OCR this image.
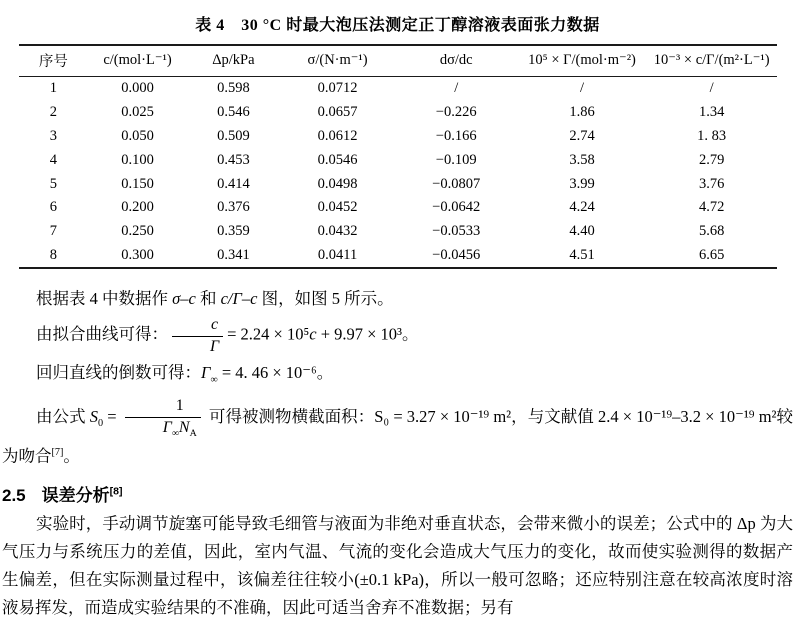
表 4　30 °C 时最大泡压法测定正丁醇溶液表面张力数据
序号	c/(mol·L⁻¹)	Δp/kPa	σ/(N·m⁻¹)	dσ/dc	10⁵ × Γ/(mol·m⁻²)	10⁻³ × c/Γ/(m²·L⁻¹)
1	0.000	0.598	0.0712	/	/	/
2	0.025	0.546	0.0657	−0.226	1.86	1.34
3	0.050	0.509	0.0612	−0.166	2.74	1. 83
4	0.100	0.453	0.0546	−0.109	3.58	2.79
5	0.150	0.414	0.0498	−0.0807	3.99	3.76
6	0.200	0.376	0.0452	−0.0642	4.24	4.72
7	0.250	0.359	0.0432	−0.0533	4.40	5.68
8	0.300	0.341	0.0411	−0.0456	4.51	6.65

根据表 4 中数据作 σ–c 和 c/Γ–c 图，如图 5 所示。

由拟合曲线可得： $\frac{c}{\Gamma} = 2.24 \times 10^5c + 9.97 \times 10^3$。

回归直线的倒数可得：$\Gamma_\infty = 4$. 46 × 10⁻⁶。

由公式 $S_0 = \frac{1}{\Gamma_\infty N_A}$ 可得被测物横截面积：S₀ = 3.27 × 10⁻¹⁹ m²，与文献值 2.4 × 10⁻¹⁹–3.2 × 10⁻¹⁹ m²较为吻合[7]。

2.5 误差分析[8]

实验时，手动调节旋塞可能导致毛细管与液面为非绝对垂直状态，会带来微小的误差；公式中的 Δp 为大气压力与系统压力的差值，因此，室内气温、气流的变化会造成大气压力的变化，故而使实验测得的数据产生偏差，但在实际测量过程中，该偏差往往较小(±0.1 kPa)，所以一般可忽略；还应特别注意在较高浓度时溶液易挥发，而造成实验结果的不准确，因此可适当舍弃不准数据；另有
